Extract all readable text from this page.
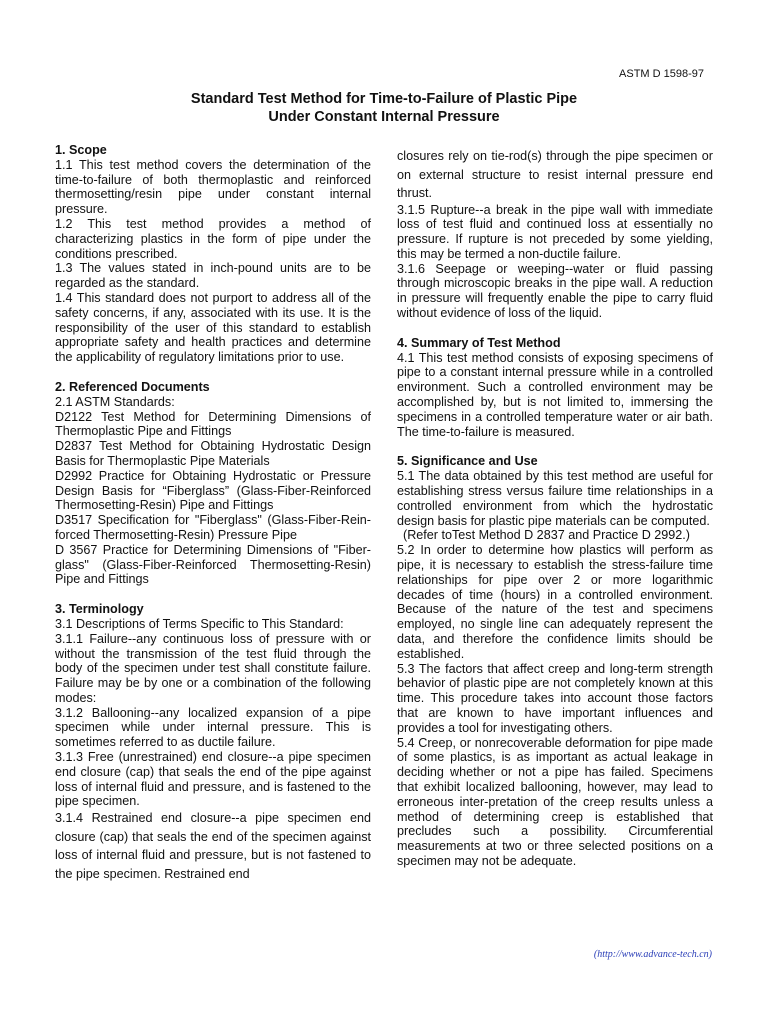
ASTM D 1598-97
Standard Test Method for Time-to-Failure of Plastic Pipe
Under Constant Internal Pressure

1. Scope

1.1 This test method covers the determination of the time-to-failure of both thermoplastic and reinforced thermosetting/resin pipe under constant internal pressure.

1.2 This test method provides a method of characterizing plastics in the form of pipe under the conditions prescribed.

1.3 The values stated in inch-pound units are to be regarded as the standard.

1.4 This standard does not purport to address all of the safety concerns, if any, associated with its use. It is the responsibility of the user of this standard to establish appropriate safety and health practices and determine the applicability of regulatory limitations prior to use.

2. Referenced Documents

2.1 ASTM Standards:

D2122 Test Method for Determining Dimensions of Thermoplastic Pipe and Fittings

D2837 Test Method for Obtaining Hydrostatic Design Basis for Thermoplastic Pipe Materials

D2992 Practice for Obtaining Hydrostatic or Pressure Design Basis for “Fiberglass” (Glass-Fiber-Reinforced Thermosetting-Resin) Pipe and Fittings

D3517 Specification for "Fiberglass" (Glass-Fiber-Rein-forced Thermosetting-Resin) Pressure Pipe

D 3567 Practice for Determining Dimensions of "Fiber-glass" (Glass-Fiber-Reinforced Thermosetting-Resin) Pipe and Fittings

3. Terminology

3.1 Descriptions of Terms Specific to This Standard:

3.1.1 Failure--any continuous loss of pressure with or without the transmission of the test fluid through the body of the specimen under test shall constitute failure. Failure may be by one or a combination of the following modes:

3.1.2 Ballooning--any localized expansion of a pipe specimen while under internal pressure. This is sometimes referred to as ductile failure.

3.1.3 Free (unrestrained) end closure--a pipe specimen end closure (cap) that seals the end of the pipe against loss of internal fluid and pressure, and is fastened to the pipe specimen.

3.1.4 Restrained end closure--a pipe specimen end closure (cap) that seals the end of the specimen against loss of internal fluid and pressure, but is not fastened to the pipe specimen. Restrained end

closures rely on tie-rod(s) through the pipe specimen or on external structure to resist internal pressure end thrust.

3.1.5 Rupture--a break in the pipe wall with immediate loss of test fluid and continued loss at essentially no pressure. If rupture is not preceded by some yielding, this may be termed a non-ductile failure.

3.1.6 Seepage or weeping--water or fluid passing through microscopic breaks in the pipe wall. A reduction in pressure will frequently enable the pipe to carry fluid without evidence of loss of the liquid.

4. Summary of Test Method

4.1 This test method consists of exposing specimens of pipe to a constant internal pressure while in a controlled environment. Such a controlled environment may be accomplished by, but is not limited to, immersing the specimens in a controlled temperature water or air bath. The time-to-failure is measured.

5. Significance and Use

5.1 The data obtained by this test method are useful for establishing stress versus failure time relationships in a controlled environment from which the hydrostatic design basis for plastic pipe materials can be computed.

(Refer toTest Method D 2837 and Practice D 2992.)

5.2 In order to determine how plastics will perform as pipe, it is necessary to establish the stress-failure time relationships for pipe over 2 or more logarithmic decades of time (hours) in a controlled environment. Because of the nature of the test and specimens employed, no single line can adequately represent the data, and therefore the confidence limits should be established.

5.3 The factors that affect creep and long-term strength behavior of plastic pipe are not completely known at this time. This procedure takes into account those factors that are known to have important influences and provides a tool for investigating others.

5.4 Creep, or nonrecoverable deformation for pipe made of some plastics, is as important as actual leakage in deciding whether or not a pipe has failed. Specimens that exhibit localized ballooning, however, may lead to erroneous inter-pretation of the creep results unless a method of determining creep is established that precludes such a possibility. Circumferential measurements at two or three selected positions on a specimen may not be adequate.

(http://www.advance-tech.cn)
